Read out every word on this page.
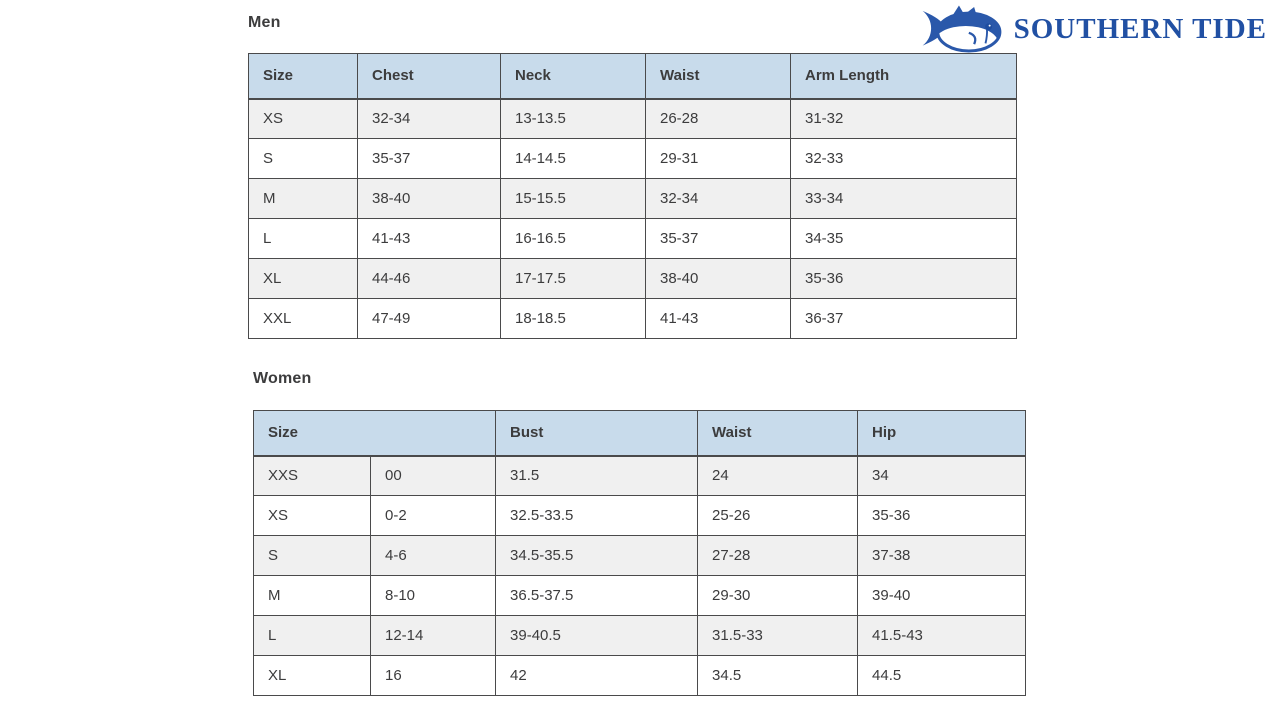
SOUTHERN TIDE
Men
Size	Chest	Neck	Waist	Arm Length
XS	32-34	13-13.5	26-28	31-32
S	35-37	14-14.5	29-31	32-33
M	38-40	15-15.5	32-34	33-34
L	41-43	16-16.5	35-37	34-35
XL	44-46	17-17.5	38-40	35-36
XXL	47-49	18-18.5	41-43	36-37
Women
Size		Bust	Waist	Hip
XXS	00	31.5	24	34
XS	0-2	32.5-33.5	25-26	35-36
S	4-6	34.5-35.5	27-28	37-38
M	8-10	36.5-37.5	29-30	39-40
L	12-14	39-40.5	31.5-33	41.5-43
XL	16	42	34.5	44.5
